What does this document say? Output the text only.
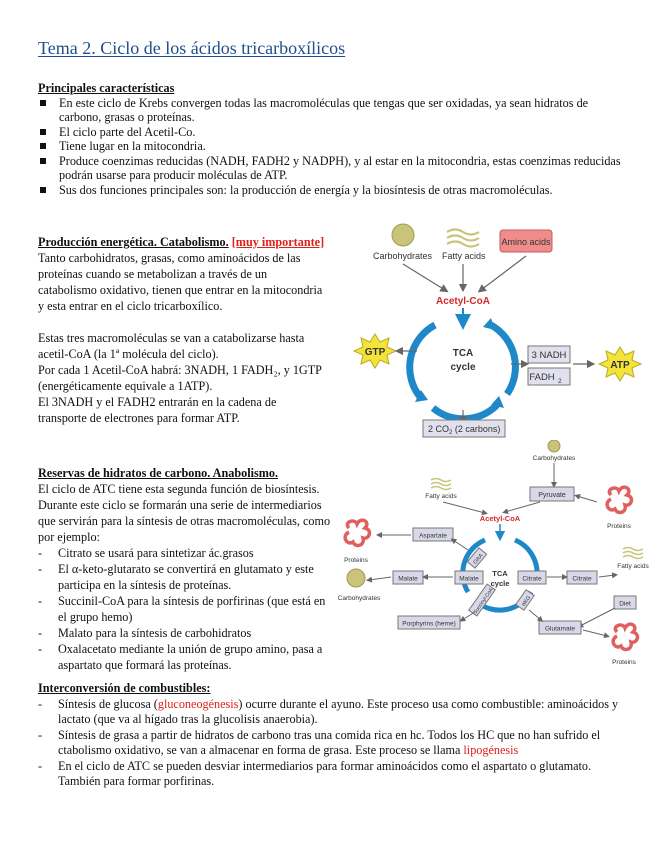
Tema 2. Ciclo de los ácidos tricarboxílicos
Principales características
En este ciclo de Krebs convergen todas las macromoléculas que tengas que ser oxidadas, ya sean hidratos de carbono, grasas o proteínas.
El ciclo parte del Acetil-Co.
Tiene lugar en la mitocondria.
Produce coenzimas reducidas (NADH, FADH2 y NADPH), y al estar en la mitocondria, estas coenzimas reducidas podrán usarse para producir moléculas de ATP.
Sus dos funciones principales son: la producción de energía y la biosíntesis de otras macromoléculas.

Producción energética. Catabolismo. [muy importante]

Tanto carbohidratos, grasas, como aminoácidos de las proteínas cuando se metabolizan a través de un catabolismo oxidativo, tienen que entrar en la mitocondria y esta entrar en el ciclo tricarboxílico.

Estas tres macromoléculas se van a catabolizarse hasta acetil-CoA (la 1ª molécula del ciclo).

Por cada 1 Acetil-CoA habrá: 3NADH, 1 FADH₂, y 1GTP (energéticamente equivale a 1ATP).

El 3NADH y el FADH2 entrarán en la cadena de transporte de electrones para formar ATP.

Carbohydrates Fatty acids
Amino acids
Acetyl-CoA
TCA
cycle
GTP	3 NADH
FADH 2
ATP
2 $CO_2$ (2 carbons)

Reservas de hidratos de carbono. Anabolismo.

El ciclo de ATC tiene esta segunda función de biosíntesis. Durante este ciclo se formarán una serie de intermediarios que servirán para la síntesis de otras macromoléculas, como por ejemplo:

- Citrato se usará para sintetizar ác.grasos
- El α-keto-glutarato se convertirá en glutamato y este participa en la síntesis de proteínas.
- Succinil-CoA para la síntesis de porfirinas (que está en el grupo hemo)
- Malato para la síntesis de carbohidratos
- Oxalacetato mediante la unión de grupo amino, pasa a aspartato que formará las proteínas.
Carbohydrates
Fatty acids	Pyruvate
Proteins
Acetyl-CoA
Proteins
Aspartate
TCA
cycle
OAA
Malate	Malate
Carbohydrates
Citrate	Citrate
Fatty acids
Succinyl-CoA	αKG	Diet
Porphyrins (heme)
Glutamate
Proteins
Interconversión de combustibles:
- Síntesis de glucosa (gluconeogénesis) ocurre durante el ayuno. Este proceso usa como combustible: aminoácidos y lactato (que va al hígado tras la glucolisis anaerobia).
- Síntesis de grasa a partir de hidratos de carbono tras una comida rica en hc. Todos los HC que no han sufrido el ctabolismo oxidativo, se van a almacenar en forma de grasa. Este proceso se llama lipogénesis
- En el ciclo de ATC se pueden desviar intermediarios para formar aminoácidos como el aspartato o glutamato. También para formar porfirinas.
